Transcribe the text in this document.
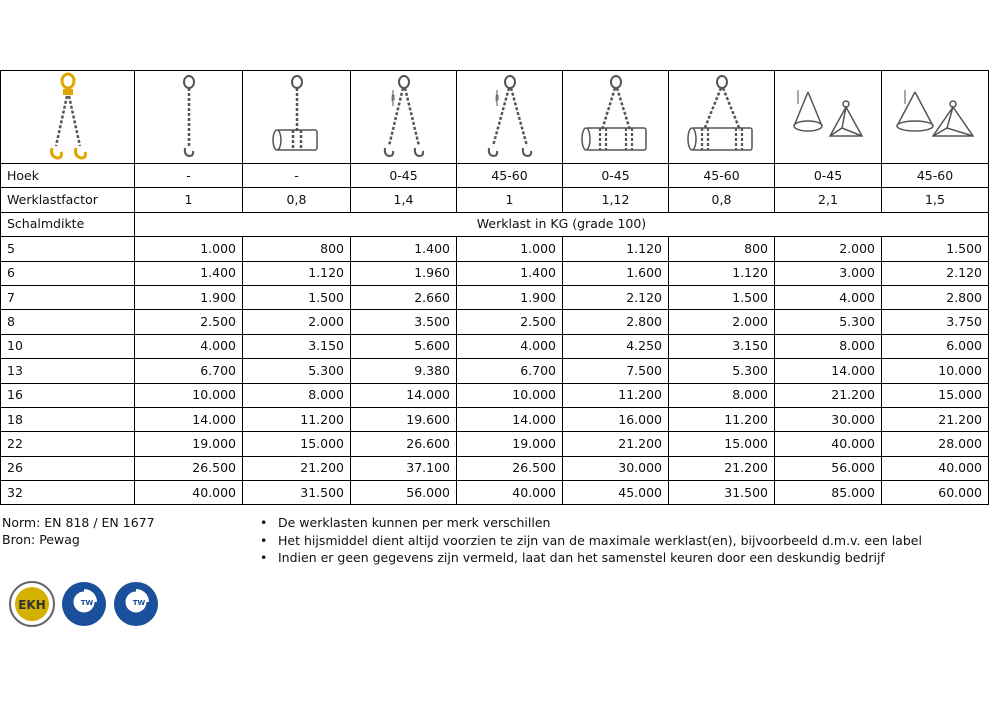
β	β

Hoek	-	-	0-45	45-60	0-45	45-60	0-45	45-60
Werklastfactor	1	0,8	1,4	1	1,12	0,8	2,1	1,5
Schalmdikte	Werklast in KG (grade 100)							
5	1.000	800	1.400	1.000	1.120	800	2.000	1.500
6	1.400	1.120	1.960	1.400	1.600	1.120	3.000	2.120
7	1.900	1.500	2.660	1.900	2.120	1.500	4.000	2.800
8	2.500	2.000	3.500	2.500	2.800	2.000	5.300	3.750
10	4.000	3.150	5.600	4.000	4.250	3.150	8.000	6.000
13	6.700	5.300	9.380	6.700	7.500	5.300	14.000	10.000
16	10.000	8.000	14.000	10.000	11.200	8.000	21.200	15.000
18	14.000	11.200	19.600	14.000	16.000	11.200	30.000	21.200
22	19.000	15.000	26.600	19.000	21.200	15.000	40.000	28.000
26	26.500	21.200	37.100	26.500	30.000	21.200	56.000	40.000
32	40.000	31.500	56.000	40.000	45.000	31.500	85.000	60.000
Norm: EN 818 / EN 1677
Bron: Pewag
• De werklasten kunnen per merk verschillen
• Het hijsmiddel dient altijd voorzien te zijn van de maximale werklast(en), bijvoorbeeld d.m.v. een label
• Indien er geen gegevens zijn vermeld, laat dan het samenstel keuren door een deskundig bedrijf
EKH	TW	TW
